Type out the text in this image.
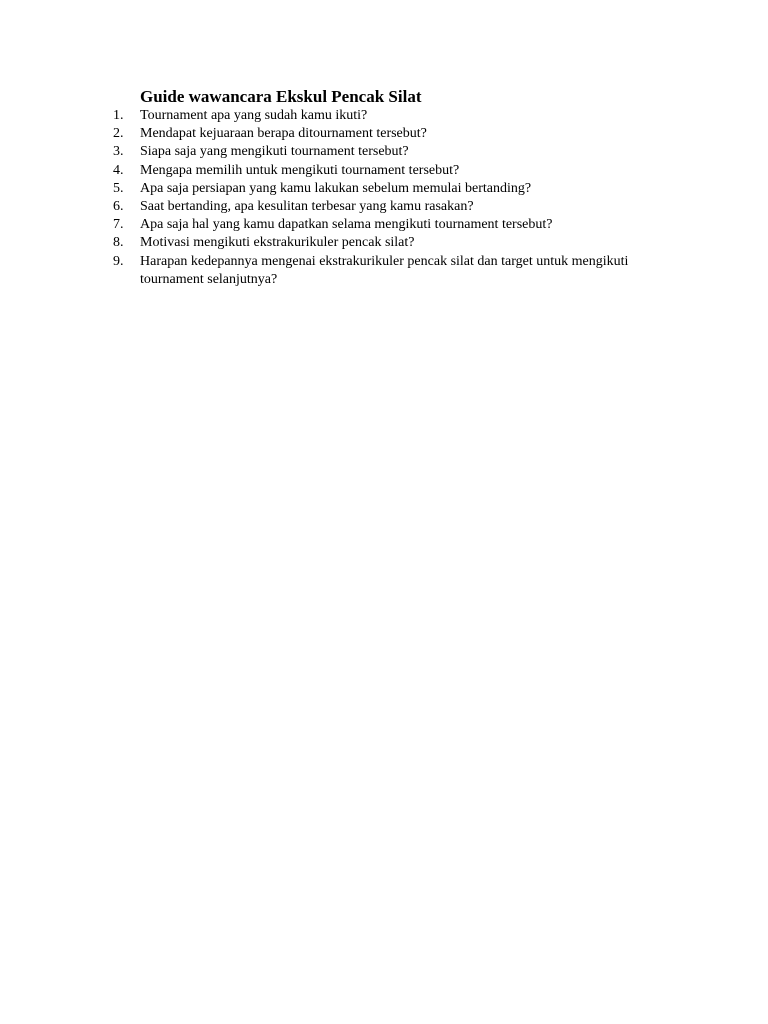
Guide wawancara Ekskul Pencak Silat
1.	Tournament apa yang sudah kamu ikuti?
2.	Mendapat kejuaraan berapa ditournament tersebut?
3.	Siapa saja yang mengikuti tournament tersebut?
4.	Mengapa memilih untuk mengikuti tournament tersebut?
5.	Apa saja persiapan yang kamu lakukan sebelum memulai bertanding?
6.	Saat bertanding, apa kesulitan terbesar yang kamu rasakan?
7.	Apa saja hal yang kamu dapatkan selama mengikuti tournament tersebut?
8.	Motivasi mengikuti ekstrakurikuler pencak silat?
9.	Harapan kedepannya mengenai ekstrakurikuler pencak silat dan target untuk mengikuti tournament selanjutnya?
